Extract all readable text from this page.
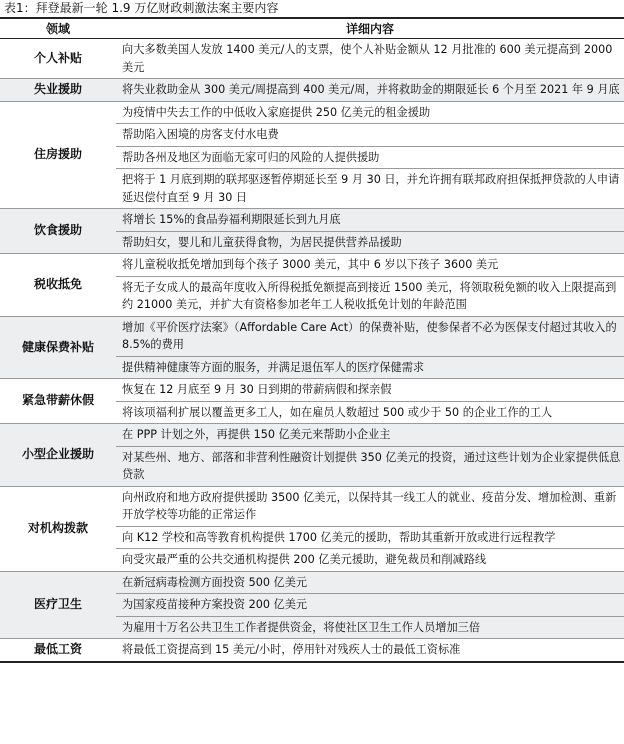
表1：拜登最新一轮 1.9 万亿财政刺激法案主要内容
领域	详细内容
个人补贴	向大多数美国人发放 1400 美元/人的支票，使个人补贴金额从 12 月批准的 600 美元提高到 2000 美元
失业援助	将失业救助金从 300 美元/周提高到 400 美元/周，并将救助金的期限延长 6 个月至 2021 年 9 月底
住房援助	为疫情中失去工作的中低收入家庭提供 250 亿美元的租金援助
	帮助陷入困境的房客支付水电费
	帮助各州及地区为面临无家可归的风险的人提供援助
	把将于 1 月底到期的联邦驱逐暂停期延长至 9 月 30 日，并允许拥有联邦政府担保抵押贷款的人申请延迟偿付直至 9 月 30 日
饮食援助	将增长 15%的食品券福利期限延长到九月底
	帮助妇女，婴儿和儿童获得食物，为居民提供营养品援助
税收抵免	将儿童税收抵免增加到每个孩子 3000 美元，其中 6 岁以下孩子 3600 美元
	将无子女成人的最高年度收入所得税抵免额提高到接近 1500 美元，将领取税免额的收入上限提高到约 21000 美元，并扩大有资格参加老年工人税收抵免计划的年龄范围
健康保费补贴	增加《平价医疗法案》（Affordable Care Act）的保费补贴，使参保者不必为医保支付超过其收入的 8.5%的费用
	提供精神健康等方面的服务，并满足退伍军人的医疗保健需求
紧急带薪休假	恢复在 12 月底至 9 月 30 日到期的带薪病假和探亲假
	将该项福利扩展以覆盖更多工人，如在雇员人数超过 500 或少于 50 的企业工作的工人
小型企业援助	在 PPP 计划之外，再提供 150 亿美元来帮助小企业主
	对某些州、地方、部落和非营利性融资计划提供 350 亿美元的投资，通过这些计划为企业家提供低息贷款
对机构拨款	向州政府和地方政府提供援助 3500 亿美元，以保持其一线工人的就业、疫苗分发、增加检测、重新开放学校等功能的正常运作
	向 K12 学校和高等教育机构提供 1700 亿美元的援助，帮助其重新开放或进行远程教学
	向受灾最严重的公共交通机构提供 200 亿美元援助，避免裁员和削减路线
医疗卫生	在新冠病毒检测方面投资 500 亿美元
	为国家疫苗接种方案投资 200 亿美元
	为雇用十万名公共卫生工作者提供资金，将使社区卫生工作人员增加三倍
最低工资	将最低工资提高到 15 美元/小时，停用针对残疾人士的最低工资标准
